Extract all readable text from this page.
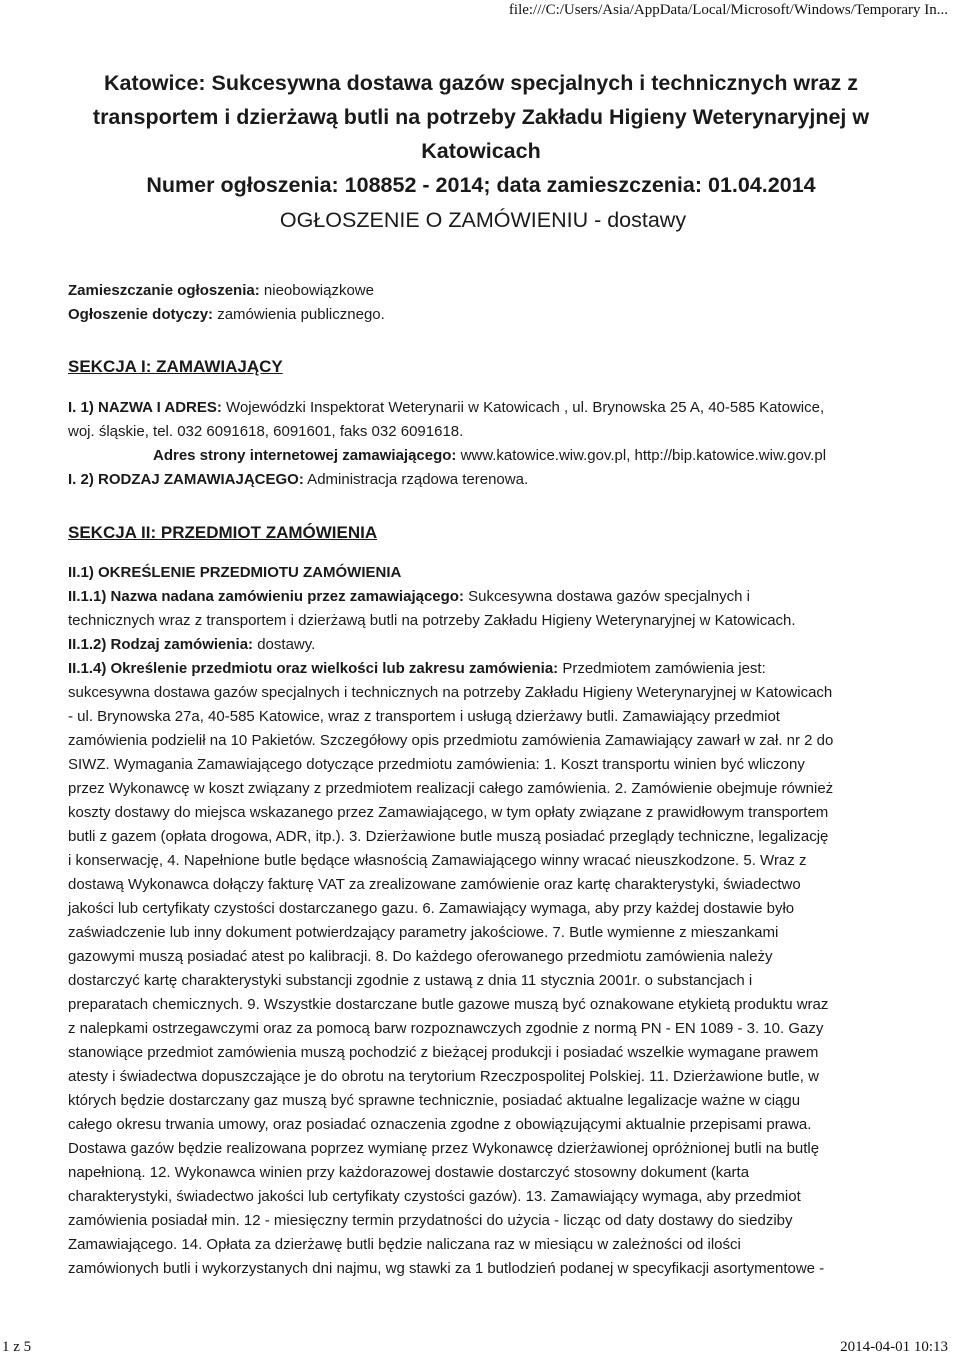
file:///C:/Users/Asia/AppData/Local/Microsoft/Windows/Temporary In...
Katowice: Sukcesywna dostawa gazów specjalnych i technicznych wraz z
transportem i dzierżawą butli na potrzeby Zakładu Higieny Weterynaryjnej w
Katowicach
Numer ogłoszenia: 108852 - 2014; data zamieszczenia: 01.04.2014
OGŁOSZENIE O ZAMÓWIENIU - dostawy

Zamieszczanie ogłoszenia: nieobowiązkowe

Ogłoszenie dotyczy: zamówienia publicznego.

SEKCJA I: ZAMAWIAJĄCY

I. 1) NAZWA I ADRES: Wojewódzki Inspektorat Weterynarii w Katowicach , ul. Brynowska 25 A, 40-585 Katowice,

woj. śląskie, tel. 032 6091618, 6091601, faks 032 6091618.

Adres strony internetowej zamawiającego: www.katowice.wiw.gov.pl, http://bip.katowice.wiw.gov.pl

I. 2) RODZAJ ZAMAWIAJĄCEGO: Administracja rządowa terenowa.

SEKCJA II: PRZEDMIOT ZAMÓWIENIA

II.1) OKREŚLENIE PRZEDMIOTU ZAMÓWIENIA

II.1.1) Nazwa nadana zamówieniu przez zamawiającego: Sukcesywna dostawa gazów specjalnych i

technicznych wraz z transportem i dzierżawą butli na potrzeby Zakładu Higieny Weterynaryjnej w Katowicach.

II.1.2) Rodzaj zamówienia: dostawy.

II.1.4) Określenie przedmiotu oraz wielkości lub zakresu zamówienia: Przedmiotem zamówienia jest:

sukcesywna dostawa gazów specjalnych i technicznych na potrzeby Zakładu Higieny Weterynaryjnej w Katowicach

- ul. Brynowska 27a, 40-585 Katowice, wraz z transportem i usługą dzierżawy butli. Zamawiający przedmiot

zamówienia podzielił na 10 Pakietów. Szczegółowy opis przedmiotu zamówienia Zamawiający zawarł w zał. nr 2 do

SIWZ. Wymagania Zamawiającego dotyczące przedmiotu zamówienia: 1. Koszt transportu winien być wliczony

przez Wykonawcę w koszt związany z przedmiotem realizacji całego zamówienia. 2. Zamówienie obejmuje również

koszty dostawy do miejsca wskazanego przez Zamawiającego, w tym opłaty związane z prawidłowym transportem

butli z gazem (opłata drogowa, ADR, itp.). 3. Dzierżawione butle muszą posiadać przeglądy techniczne, legalizację

i konserwację, 4. Napełnione butle będące własnością Zamawiającego winny wracać nieuszkodzone. 5. Wraz z

dostawą Wykonawca dołączy fakturę VAT za zrealizowane zamówienie oraz kartę charakterystyki, świadectwo

jakości lub certyfikaty czystości dostarczanego gazu. 6. Zamawiający wymaga, aby przy każdej dostawie było

zaświadczenie lub inny dokument potwierdzający parametry jakościowe. 7. Butle wymienne z mieszankami

gazowymi muszą posiadać atest po kalibracji. 8. Do każdego oferowanego przedmiotu zamówienia należy

dostarczyć kartę charakterystyki substancji zgodnie z ustawą z dnia 11 stycznia 2001r. o substancjach i

preparatach chemicznych. 9. Wszystkie dostarczane butle gazowe muszą być oznakowane etykietą produktu wraz

z nalepkami ostrzegawczymi oraz za pomocą barw rozpoznawczych zgodnie z normą PN - EN 1089 - 3. 10. Gazy

stanowiące przedmiot zamówienia muszą pochodzić z bieżącej produkcji i posiadać wszelkie wymagane prawem

atesty i świadectwa dopuszczające je do obrotu na terytorium Rzeczpospolitej Polskiej. 11. Dzierżawione butle, w

których będzie dostarczany gaz muszą być sprawne technicznie, posiadać aktualne legalizacje ważne w ciągu

całego okresu trwania umowy, oraz posiadać oznaczenia zgodne z obowiązującymi aktualnie przepisami prawa.

Dostawa gazów będzie realizowana poprzez wymianę przez Wykonawcę dzierżawionej opróżnionej butli na butlę

napełnioną. 12. Wykonawca winien przy każdorazowej dostawie dostarczyć stosowny dokument (karta

charakterystyki, świadectwo jakości lub certyfikaty czystości gazów). 13. Zamawiający wymaga, aby przedmiot

zamówienia posiadał min. 12 - miesięczny termin przydatności do użycia - licząc od daty dostawy do siedziby

Zamawiającego. 14. Opłata za dzierżawę butli będzie naliczana raz w miesiącu w zależności od ilości

zamówionych butli i wykorzystanych dni najmu, wg stawki za 1 butlodzień podanej w specyfikacji asortymentowe -

1 z 5	2014-04-01 10:13
